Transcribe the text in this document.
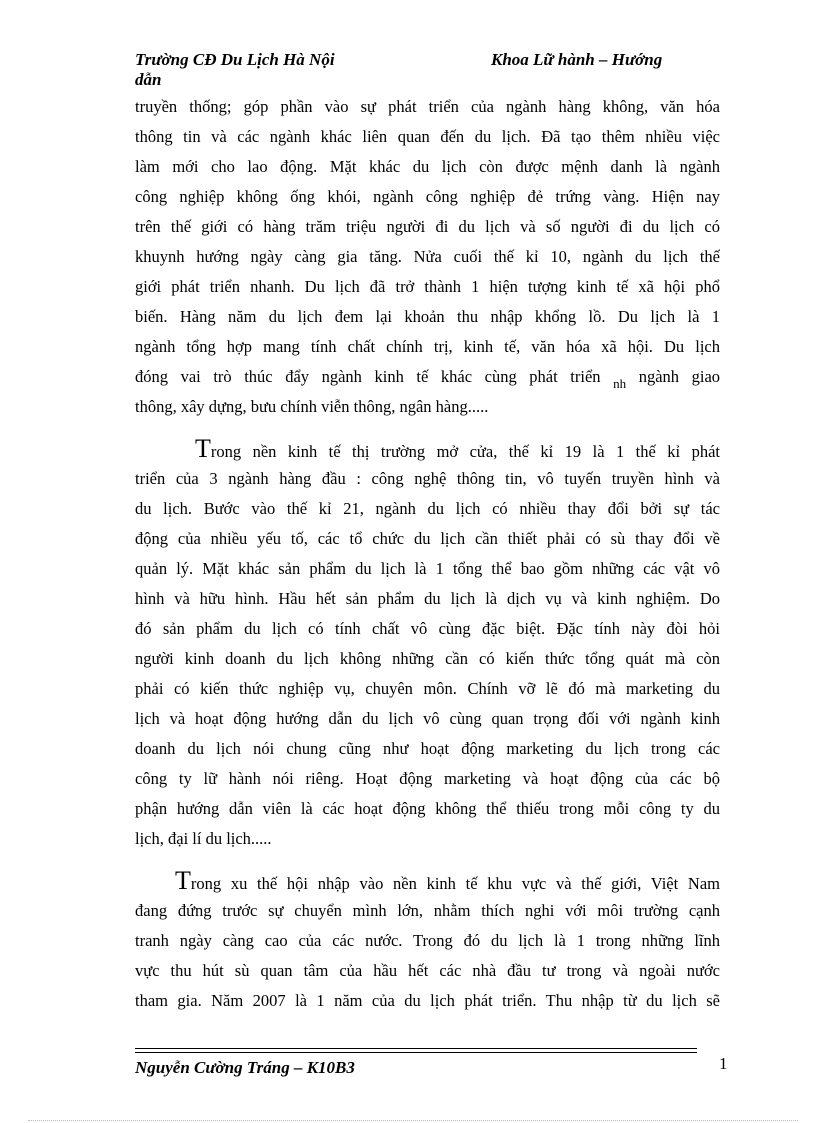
Trường CĐ Du Lịch Hà Nội
dẫn
Khoa Lữ hành – Hướng
truyền thống; góp phần vào sự phát triển của ngành hàng không, văn hóa
thông tin và các ngành khác liên quan đến du lịch. Đã tạo thêm nhiều việc
làm mới cho lao động. Mặt khác du lịch còn được mệnh danh là ngành
công nghiệp không ống khói, ngành công nghiệp đẻ trứng vàng. Hiện nay
trên thế giới có hàng trăm triệu người đi du lịch và số người đi du lịch có
khuynh hướng ngày càng gia tăng. Nửa cuối thế kỉ 10, ngành du lịch thế
giới phát triển nhanh. Du lịch đã trở thành 1 hiện tượng kinh tế xã hội phổ
biến. Hàng năm du lịch đem lại khoản thu nhập khổng lồ. Du lịch là 1
ngành tổng hợp mang tính chất chính trị, kinh tế, văn hóa xã hội. Du lịch
đóng vai trò thúc đẩy ngành kinh tế khác cùng phát triển $_{nh}$ ngành giao
thông, xây dựng, bưu chính viễn thông, ngân hàng.....
Trong nền kinh tế thị trường mở cửa, thế kỉ 19 là 1 thế kỉ phát
triển của 3 ngành hàng đầu : công nghệ thông tin, vô tuyến truyền hình và
du lịch. Bước vào thế kỉ 21, ngành du lịch có nhiều thay đổi bởi sự tác
động của nhiều yếu tố, các tổ chức du lịch cần thiết phải có sù thay đổi về
quản lý. Mặt khác sản phẩm du lịch là 1 tổng thể bao gồm những các vật vô
hình và hữu hình. Hầu hết sản phẩm du lịch là dịch vụ và kinh nghiệm. Do
đó sản phẩm du lịch có tính chất vô cùng đặc biệt. Đặc tính này đòi hỏi
người kinh doanh du lịch không những cần có kiến thức tổng quát mà còn
phải có kiến thức nghiệp vụ, chuyên môn. Chính vỡ lẽ đó mà marketing du
lịch và hoạt động hướng dẫn du lịch vô cùng quan trọng đối với ngành kinh
doanh du lịch nói chung cũng như hoạt động marketing du lịch trong các
công ty lữ hành nói riêng. Hoạt động marketing và hoạt động của các bộ
phận hướng dẫn viên là các hoạt động không thể thiếu trong mỗi công ty du
lịch, đại lí du lịch.....
Trong xu thế hội nhập vào nền kinh tế khu vực và thế giới, Việt Nam
đang đứng trước sự chuyển mình lớn, nhằm thích nghi với môi trường cạnh
tranh ngày càng cao của các nước. Trong đó du lịch là 1 trong những lĩnh
vực thu hút sù quan tâm của hầu hết các nhà đầu tư trong và ngoài nước
tham gia. Năm 2007 là 1 năm của du lịch phát triển. Thu nhập từ du lịch sẽ
Nguyễn Cường Tráng – K10B3	1
